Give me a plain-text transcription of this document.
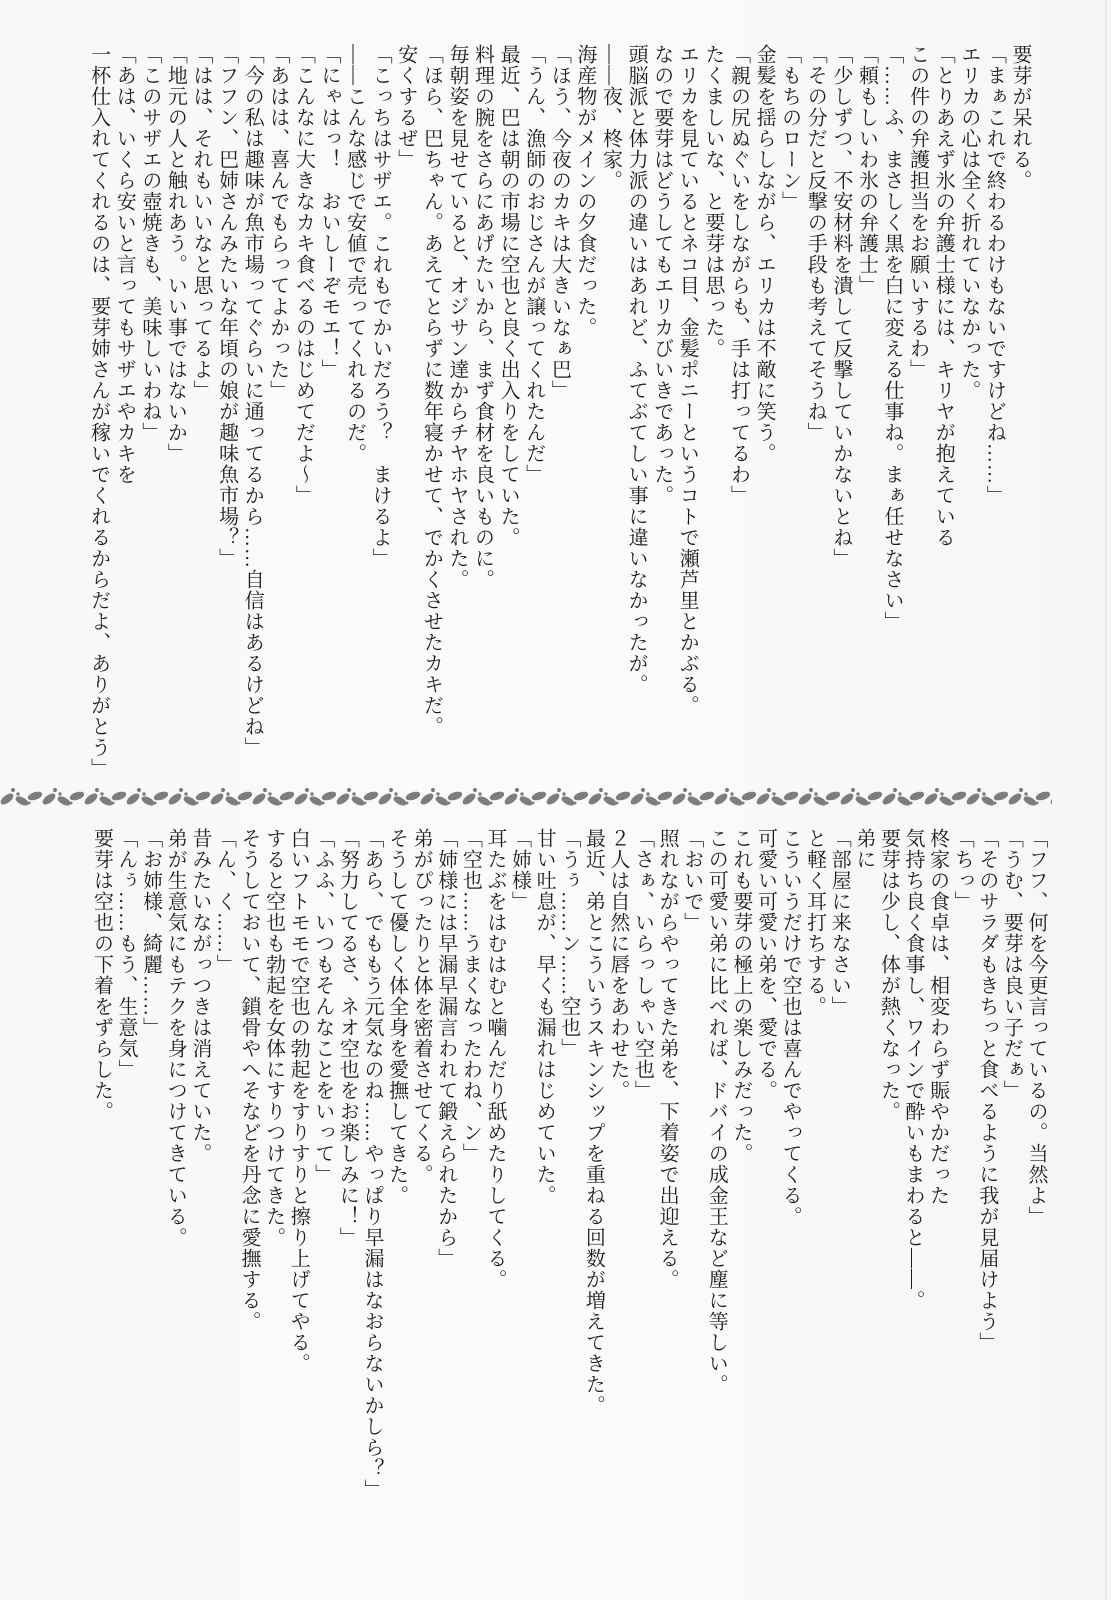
要芽が呆れる。

「まぁこれで終わるわけもないですけどね……」

エリカの心は全く折れていなかった。

「とりあえず氷の弁護士様には、キリヤが抱えている

この件の弁護担当をお願いするわ」

「……ふ、まさしく黒を白に変える仕事ね。まぁ任せなさい」

「頼もしいわ氷の弁護士」

「少しずつ、不安材料を潰して反撃していかないとね」

「その分だと反撃の手段も考えてそうね」

「もちのローン」

金髪を揺らしながら、エリカは不敵に笑う。

「親の尻ぬぐいをしながらも、手は打ってるわ」

たくましいな、と要芽は思った。

エリカを見ているとネコ目、金髪ポニーというコトで瀬芦里とかぶる。

なので要芽はどうしてもエリカびいきであった。

頭脳派と体力派の違いはあれど、ふてぶてしい事に違いなかったが。

――夜、柊家。

海産物がメインの夕食だった。

「ほう、今夜のカキは大きいなぁ巴」

「うん、漁師のおじさんが譲ってくれたんだ」

最近、巴は朝の市場に空也と良く出入りをしていた。

料理の腕をさらにあげたいから、まず食材を良いものに。

毎朝姿を見せていると、オジサン達からチヤホヤされた。

「ほら、巴ちゃん。あえてとらずに数年寝かせて、でかくさせたカキだ。

安くするぜ」

「こっちはサザエ。これもでかいだろう？　まけるよ」

――こんな感じで安値で売ってくれるのだ。

「にゃはっ！　おいしーぞモエ！」

「こんなに大きなカキ食べるのはじめてだよ～」

「あはは、喜んでもらってよかった」

「今の私は趣味が魚市場ってぐらいに通ってるから……自信はあるけどね」

「フフン、巴姉さんみたいな年頃の娘が趣味魚市場？」

「はは、それもいいなと思ってるよ」

「地元の人と触れあう。いい事ではないか」

「このサザエの壺焼きも、美味しいわね」

「あは、いくら安いと言ってもサザエやカキを

一杯仕入れてくれるのは、要芽姉さんが稼いでくれるからだよ、ありがとう」

「フフ、何を今更言っているの。当然よ」

「うむ、要芽は良い子だぁ」

「そのサラダもきちっと食べるように我が見届けよう」

「ちっ」

柊家の食卓は、相変わらず賑やかだった

気持ち良く食事し、ワインで酔いもまわると――。

要芽は少し、体が熱くなった。

弟に

「部屋に来なさい」

と軽く耳打ちする。

こういうだけで空也は喜んでやってくる。

可愛い可愛い弟を、愛でる。

これも要芽の極上の楽しみだった。

この可愛い弟に比べれば、ドバイの成金王など塵に等しい。

「おいで」

照れながらやってきた弟を、下着姿で出迎える。

「さぁ、いらっしゃい空也」

２人は自然に唇をあわせた。

最近、弟とこういうスキンシップを重ねる回数が増えてきた。

「うぅ……ン……空也」

甘い吐息が、早くも漏れはじめていた。

「姉様」

耳たぶをはむはむと噛んだり舐めたりしてくる。

「空也……うまくなったわね、ン」

「姉様には早漏早漏言われて鍛えられたから」

弟がぴったりと体を密着させてくる。

そうして優しく体全身を愛撫してきた。

「あら、でももう元気なのね……やっぱり早漏はなおらないかしら？」

「努力してるさ、ネオ空也をお楽しみに！」

「ふふ、いつもそんなことをいって」

白いフトモモで空也の勃起をすりすりと擦り上げてやる。

すると空也も勃起を女体にすりつけてきた。

そうしておいて、鎖骨やへそなどを丹念に愛撫する。

「ん、く……」

昔みたいながっつきは消えていた。

弟が生意気にもテクを身につけてきている。

「お姉様、綺麗……」

「んぅ……もう、生意気」

要芽は空也の下着をずらした。
